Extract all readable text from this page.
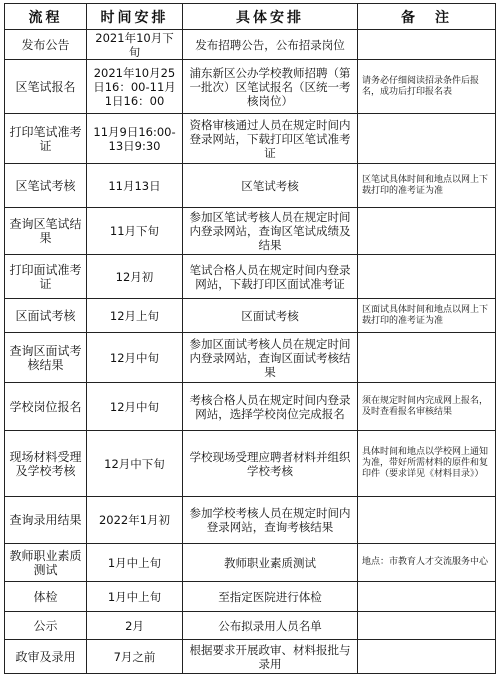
流程	时间安排	具体安排	备　注
发布公告	2021年10月下旬	发布招聘公告，公布招录岗位	
区笔试报名	2021年10月25日16：00-11月1日16：00	浦东新区公办学校教师招聘（第一批次）区笔试报名（区统一考核岗位）	请务必仔细阅读招录条件后报名，成功后打印报名表
打印笔试准考证	11月9日16:00-13日9:30	资格审核通过人员在规定时间内登录网站，下载打印区笔试准考证	
区笔试考核	11月13日	区笔试考核	区笔试具体时间和地点以网上下载打印的准考证为准
查询区笔试结果	11月下旬	参加区笔试考核人员在规定时间内登录网站，查询区笔试成绩及结果	
打印面试准考证	12月初	笔试合格人员在规定时间内登录网站，下载打印区面试准考证	
区面试考核	12月上旬	区面试考核	区面试具体时间和地点以网上下载打印的准考证为准
查询区面试考核结果	12月中旬	参加区面试考核人员在规定时间内登录网站，查询区面试考核结果	
学校岗位报名	12月中旬	考核合格人员在规定时间内登录网站，选择学校岗位完成报名	须在规定时间内完成网上报名，及时查看报名审核结果
现场材料受理及学校考核	12月中下旬	学校现场受理应聘者材料并组织学校考核	具体时间和地点以学校网上通知为准，带好所需材料的原件和复印件（要求详见《材料目录》）
查询录用结果	2022年1月初	参加学校考核人员在规定时间内登录网站，查询考核结果	
教师职业素质测试	1月中上旬	教师职业素质测试	地点：市教育人才交流服务中心
体检	1月中上旬	至指定医院进行体检	
公示	2月	公布拟录用人员名单	
政审及录用	7月之前	根据要求开展政审、材料报批与录用	
